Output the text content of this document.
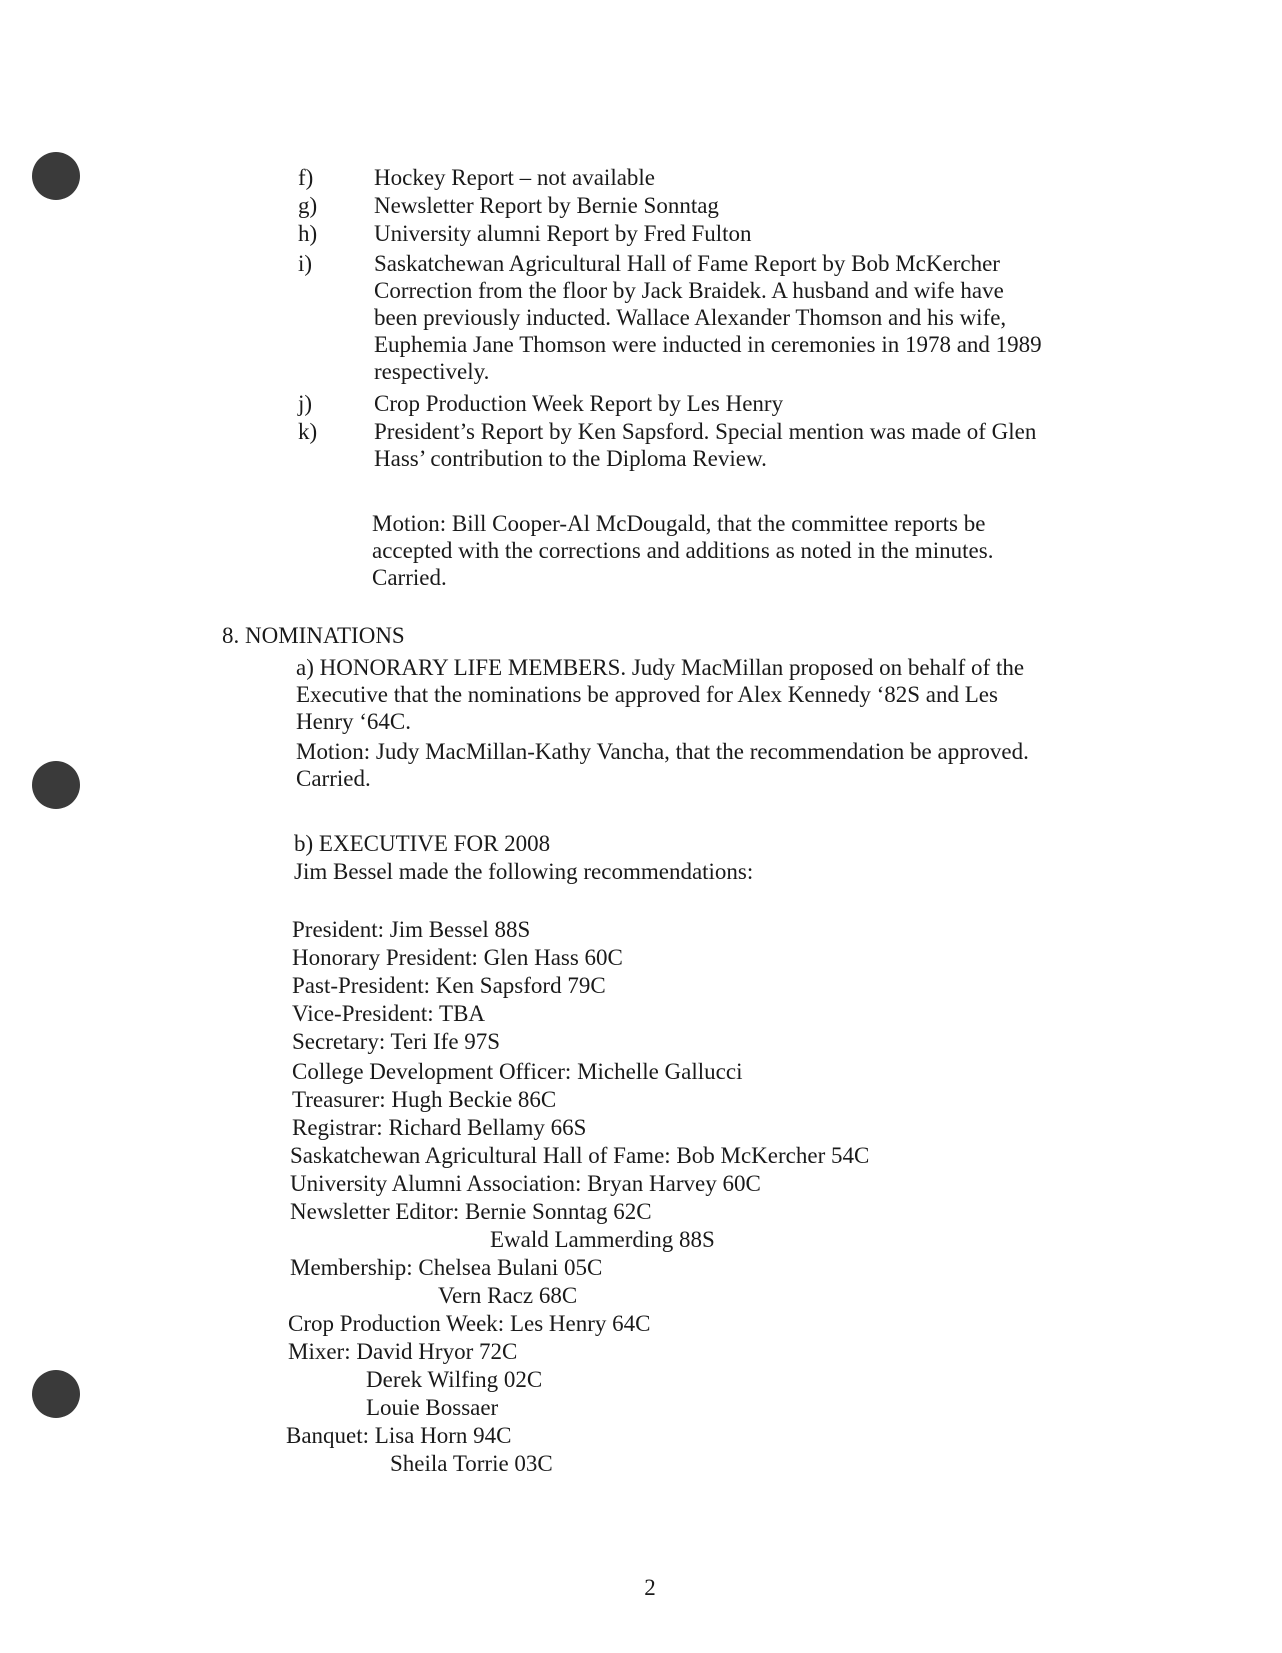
f)	Hockey Report – not available
g)	Newsletter Report by Bernie Sonntag
h)	University alumni Report by Fred Fulton
i)	Saskatchewan Agricultural Hall of Fame Report by Bob McKercher
Correction from the floor by Jack Braidek. A husband and wife have
been previously inducted. Wallace Alexander Thomson and his wife,
Euphemia Jane Thomson were inducted in ceremonies in 1978 and 1989
respectively.
j)	Crop Production Week Report by Les Henry
k)	President’s Report by Ken Sapsford. Special mention was made of Glen
Hass’ contribution to the Diploma Review.
Motion: Bill Cooper-Al McDougald, that the committee reports be
accepted with the corrections and additions as noted in the minutes.
Carried.
8. NOMINATIONS
a) HONORARY LIFE MEMBERS. Judy MacMillan proposed on behalf of the
Executive that the nominations be approved for Alex Kennedy ‘82S and Les
Henry ‘64C.
Motion: Judy MacMillan-Kathy Vancha, that the recommendation be approved.
Carried.
b) EXECUTIVE FOR 2008
Jim Bessel made the following recommendations:
President: Jim Bessel 88S
Honorary President: Glen Hass 60C
Past-President: Ken Sapsford 79C
Vice-President: TBA
Secretary: Teri Ife 97S
College Development Officer: Michelle Gallucci
Treasurer: Hugh Beckie 86C
Registrar: Richard Bellamy 66S
Saskatchewan Agricultural Hall of Fame: Bob McKercher 54C
University Alumni Association: Bryan Harvey 60C
Newsletter Editor: Bernie Sonntag 62C
Ewald Lammerding 88S
Membership: Chelsea Bulani 05C
Vern Racz 68C
Crop Production Week: Les Henry 64C
Mixer: David Hryor 72C
Derek Wilfing 02C
Louie Bossaer
Banquet: Lisa Horn 94C
Sheila Torrie 03C
2
